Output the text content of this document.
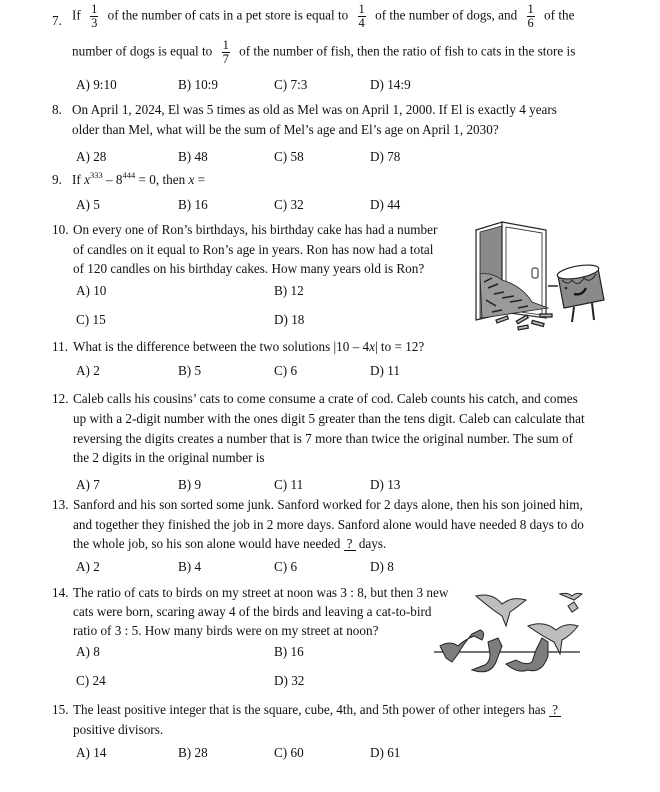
7. If $\frac{1}{3}$ of the number of cats in a pet store is equal to $\frac{1}{4}$ of the number of dogs, and $\frac{1}{6}$ of the
number of dogs is equal to $\frac{1}{7}$ of the number of fish, then the ratio of fish to cats in the store is
A) 9:10	B) 10:9	C) 7:3	D) 14:9
8. On April 1, 2024, El was 5 times as old as Mel was on April 1, 2000. If El is exactly 4 years
older than Mel, what will be the sum of Mel’s age and El’s age on April 1, 2030?
A) 28	B) 48	C) 58	D) 78
9. If $x^{333} - 8^{444} = 0$, then x =
A) 5	B) 16	C) 32	D) 44
10. On every one of Ron’s birthdays, his birthday cake has had a number
of candles on it equal to Ron’s age in years. Ron has now had a total
of 120 candles on his birthday cakes. How many years old is Ron?
A) 10	B) 12
C) 15	D) 18
11. What is the difference between the two solutions |10 – 4x| to = 12?
A) 2	B) 5	C) 6	D) 11
12. Caleb calls his cousins’ cats to come consume a crate of cod. Caleb counts his catch, and comes
up with a 2-digit number with the ones digit 5 greater than the tens digit. Caleb can calculate that
reversing the digits creates a number that is 7 more than twice the original number. The sum of
the 2 digits in the original number is
A) 7	B) 9	C) 11	D) 13
13. Sanford and his son sorted some junk. Sanford worked for 2 days alone, then his son joined him,
and together they finished the job in 2 more days. Sanford alone would have needed 8 days to do
the whole job, so his son alone would have needed ? days.
A) 2	B) 4	C) 6	D) 8
14. The ratio of cats to birds on my street at noon was 3 : 8, but then 3 new
cats were born, scaring away 4 of the birds and leaving a cat-to-bird
ratio of 3 : 5. How many birds were on my street at noon?
A) 8	B) 16
C) 24	D) 32
15. The least positive integer that is the square, cube, 4th, and 5th power of other integers has ?
positive divisors.
A) 14	B) 28	C) 60	D) 61
